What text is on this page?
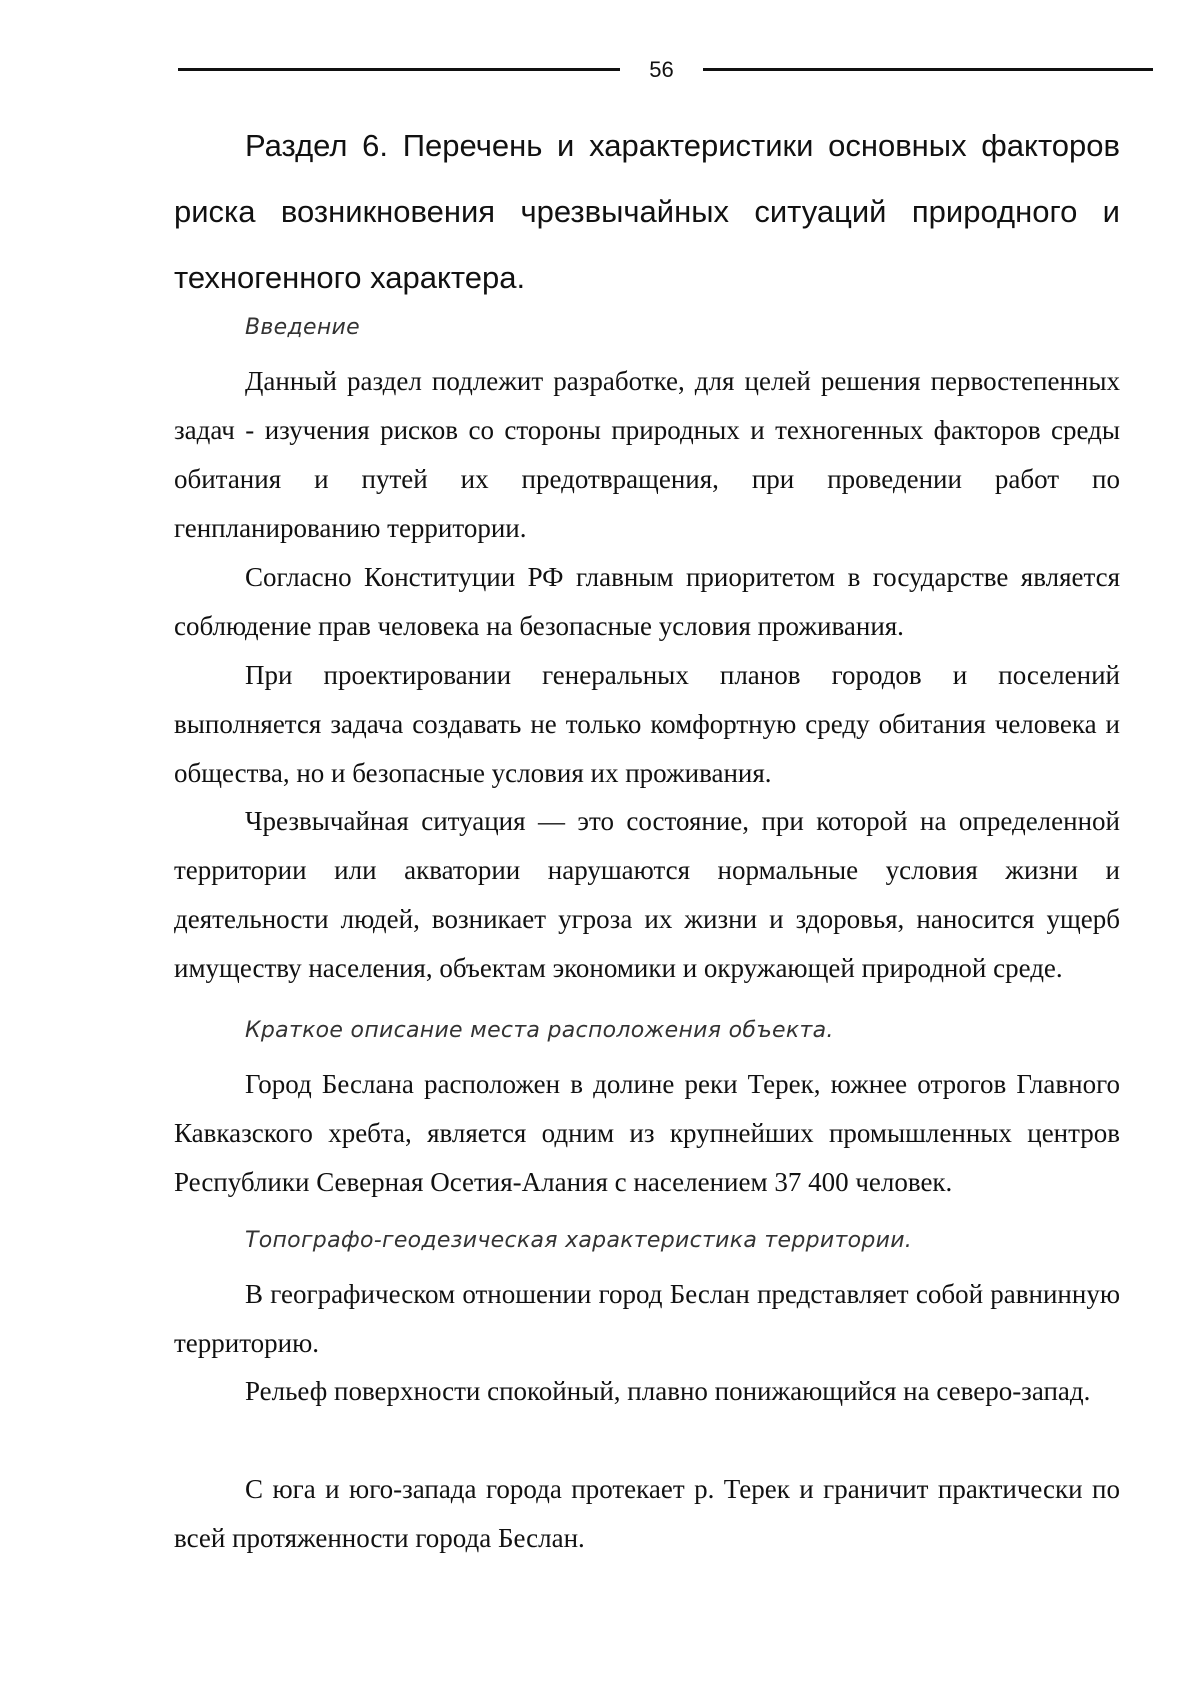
56
Раздел 6. Перечень и характеристики основных факторов риска возникновения чрезвычайных ситуаций природного и техногенного характера.
Введение

Данный раздел подлежит разработке, для целей решения первостепенных задач - изучения рисков со стороны природных и техногенных факторов среды обитания и путей их предотвращения, при проведении работ по генпланированию территории.

Согласно Конституции РФ главным приоритетом в государстве является соблюдение прав человека на безопасные условия проживания.

При проектировании генеральных планов городов и поселений выполняется задача создавать не только комфортную среду обитания человека и общества, но и безопасные условия их проживания.

Чрезвычайная ситуация — это состояние, при которой на определенной территории или акватории нарушаются нормальные условия жизни и деятельности людей, возникает угроза их жизни и здоровья, наносится ущерб имуществу населения, объектам экономики и окружающей природной среде.

Краткое описание места расположения объекта.

Город Беслана расположен в долине реки Терек, южнее отрогов Главного Кавказского хребта, является одним из крупнейших промышленных центров Республики Северная Осетия-Алания с населением 37 400 человек.

Топографо-геодезическая характеристика территории.

В географическом отношении город Беслан представляет собой равнинную территорию.

Рельеф поверхности спокойный, плавно понижающийся на северо-запад.

С юга и юго-запада города протекает р. Терек и граничит практически по всей протяженности города Беслан.
